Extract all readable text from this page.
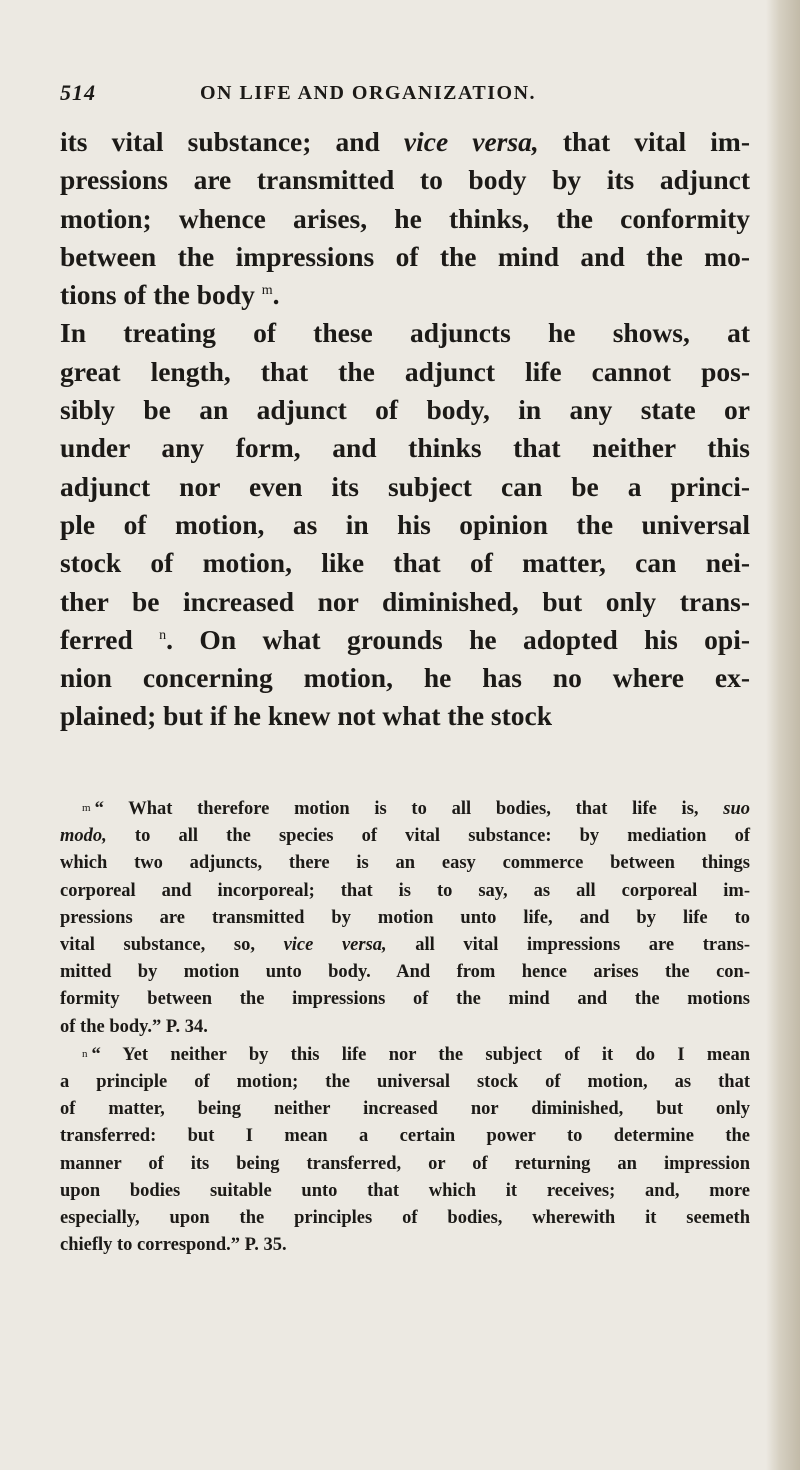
514	ON LIFE AND ORGANIZATION.
its vital substance; and vice versa, that vital im-
pressions are transmitted to body by its adjunct
motion; whence arises, he thinks, the conformity
between the impressions of the mind and the mo-
tions of the body $^m$.
In treating of these adjuncts he shows, at
great length, that the adjunct life cannot pos-
sibly be an adjunct of body, in any state or
under any form, and thinks that neither this
adjunct nor even its subject can be a princi-
ple of motion, as in his opinion the universal
stock of motion, like that of matter, can nei-
ther be increased nor diminished, but only trans-
ferred $^n$. On what grounds he adopted his opi-
nion concerning motion, he has no where ex-
plained; but if he knew not what the stock
m “ What therefore motion is to all bodies, that life is, suo
modo, to all the species of vital substance: by mediation of
which two adjuncts, there is an easy commerce between things
corporeal and incorporeal; that is to say, as all corporeal im-
pressions are transmitted by motion unto life, and by life to
vital substance, so, vice versa, all vital impressions are trans-
mitted by motion unto body. And from hence arises the con-
formity between the impressions of the mind and the motions
of the body.” P. 34.
n “ Yet neither by this life nor the subject of it do I mean
a principle of motion; the universal stock of motion, as that
of matter, being neither increased nor diminished, but only
transferred: but I mean a certain power to determine the
manner of its being transferred, or of returning an impression
upon bodies suitable unto that which it receives; and, more
especially, upon the principles of bodies, wherewith it seemeth
chiefly to correspond.” P. 35.
